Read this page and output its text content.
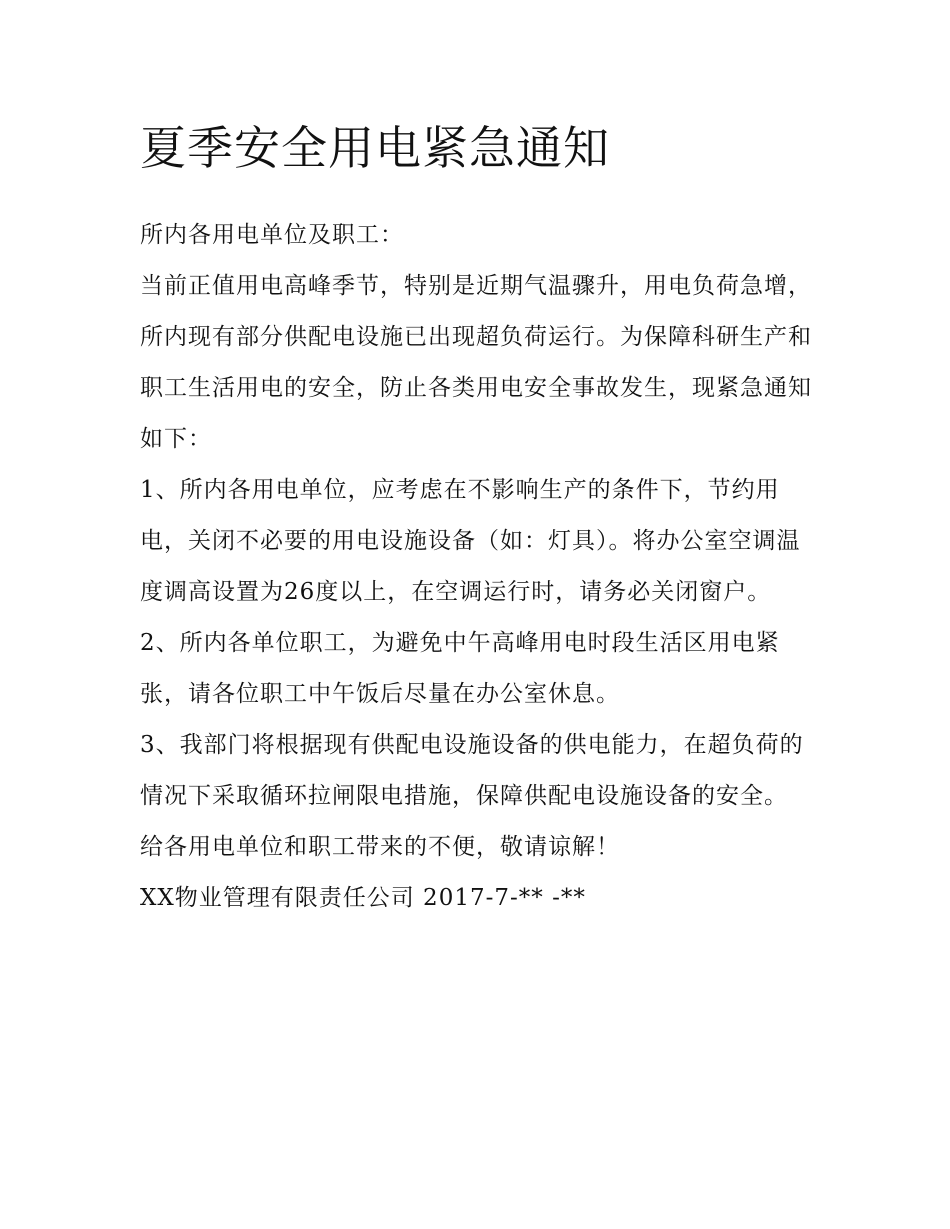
夏季安全用电紧急通知

所内各用电单位及职工：

当前正值用电高峰季节，特别是近期气温骤升，用电负荷急增，所内现有部分供配电设施已出现超负荷运行。为保障科研生产和职工生活用电的安全，防止各类用电安全事故发生，现紧急通知如下：

1、所内各用电单位，应考虑在不影响生产的条件下，节约用电，关闭不必要的用电设施设备（如：灯具）。将办公室空调温度调高设置为26度以上，在空调运行时，请务必关闭窗户。

2、所内各单位职工，为避免中午高峰用电时段生活区用电紧张，请各位职工中午饭后尽量在办公室休息。

3、我部门将根据现有供配电设施设备的供电能力，在超负荷的情况下采取循环拉闸限电措施，保障供配电设施设备的安全。 给各用电单位和职工带来的不便，敬请谅解！

XX物业管理有限责任公司 2017-7-** -**
